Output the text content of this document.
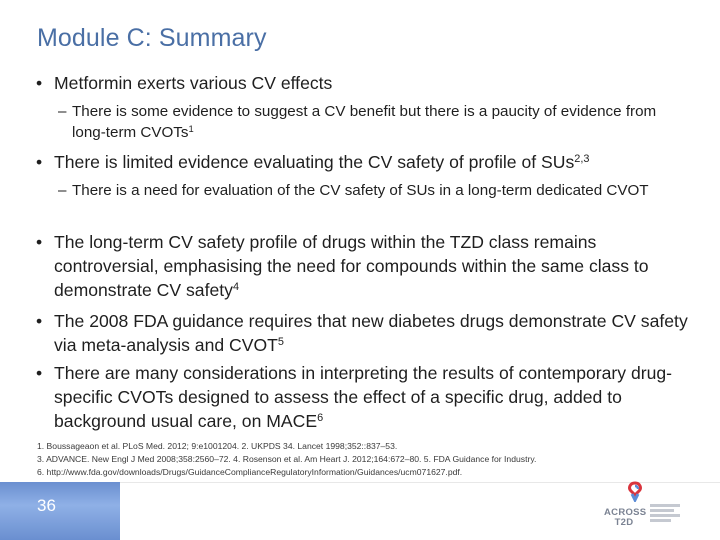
Module C: Summary
• Metformin exerts various CV effects
– There is some evidence to suggest a CV benefit but there is a paucity of evidence from long-term CVOTs$^1$
• There is limited evidence evaluating the CV safety of profile of SUs$^{2,3}$
– There is a need for evaluation of the CV safety of SUs in a long-term dedicated CVOT
• The long-term CV safety profile of drugs within the TZD class remains controversial, emphasising the need for compounds within the same class to demonstrate CV safety$^4$
• The 2008 FDA guidance requires that new diabetes drugs demonstrate CV safety via meta-analysis and CVOT$^5$
• There are many considerations in interpreting the results of contemporary drug-specific CVOTs designed to assess the effect of a specific drug, added to background usual care, on MACE$^6$
1. Boussageaon et al. PLoS Med. 2012; 9:e1001204. 2. UKPDS 34. Lancet 1998;352::837–53.
3. ADVANCE. New Engl J Med 2008;358:2560–72. 4. Rosenson et al. Am Heart J. 2012;164:672–80. 5. FDA Guidance for Industry.
6. http://www.fda.gov/downloads/Drugs/GuidanceComplianceRegulatoryInformation/Guidances/ucm071627.pdf.
36	ACROSS
T2D
